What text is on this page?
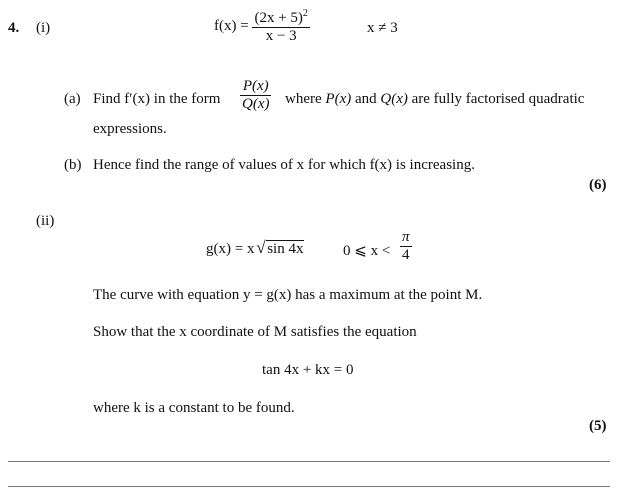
4. (i)	$f(x) = \frac{(2x + 5)^2}{x - 3}$	x ≠ 3
(a) Find f′(x) in the form $\frac{P(x)}{Q(x)}$ where P(x) and Q(x) are fully factorised quadratic
expressions.
(b) Hence find the range of values of x for which f(x) is increasing.
(6)
(ii)
g(x) = x √ sin 4x	0 ⩽ $x < \frac{\pi}{4}$
The curve with equation y = g(x) has a maximum at the point M.
Show that the x coordinate of M satisfies the equation
tan 4x + kx = 0
where k is a constant to be found.
(5)
